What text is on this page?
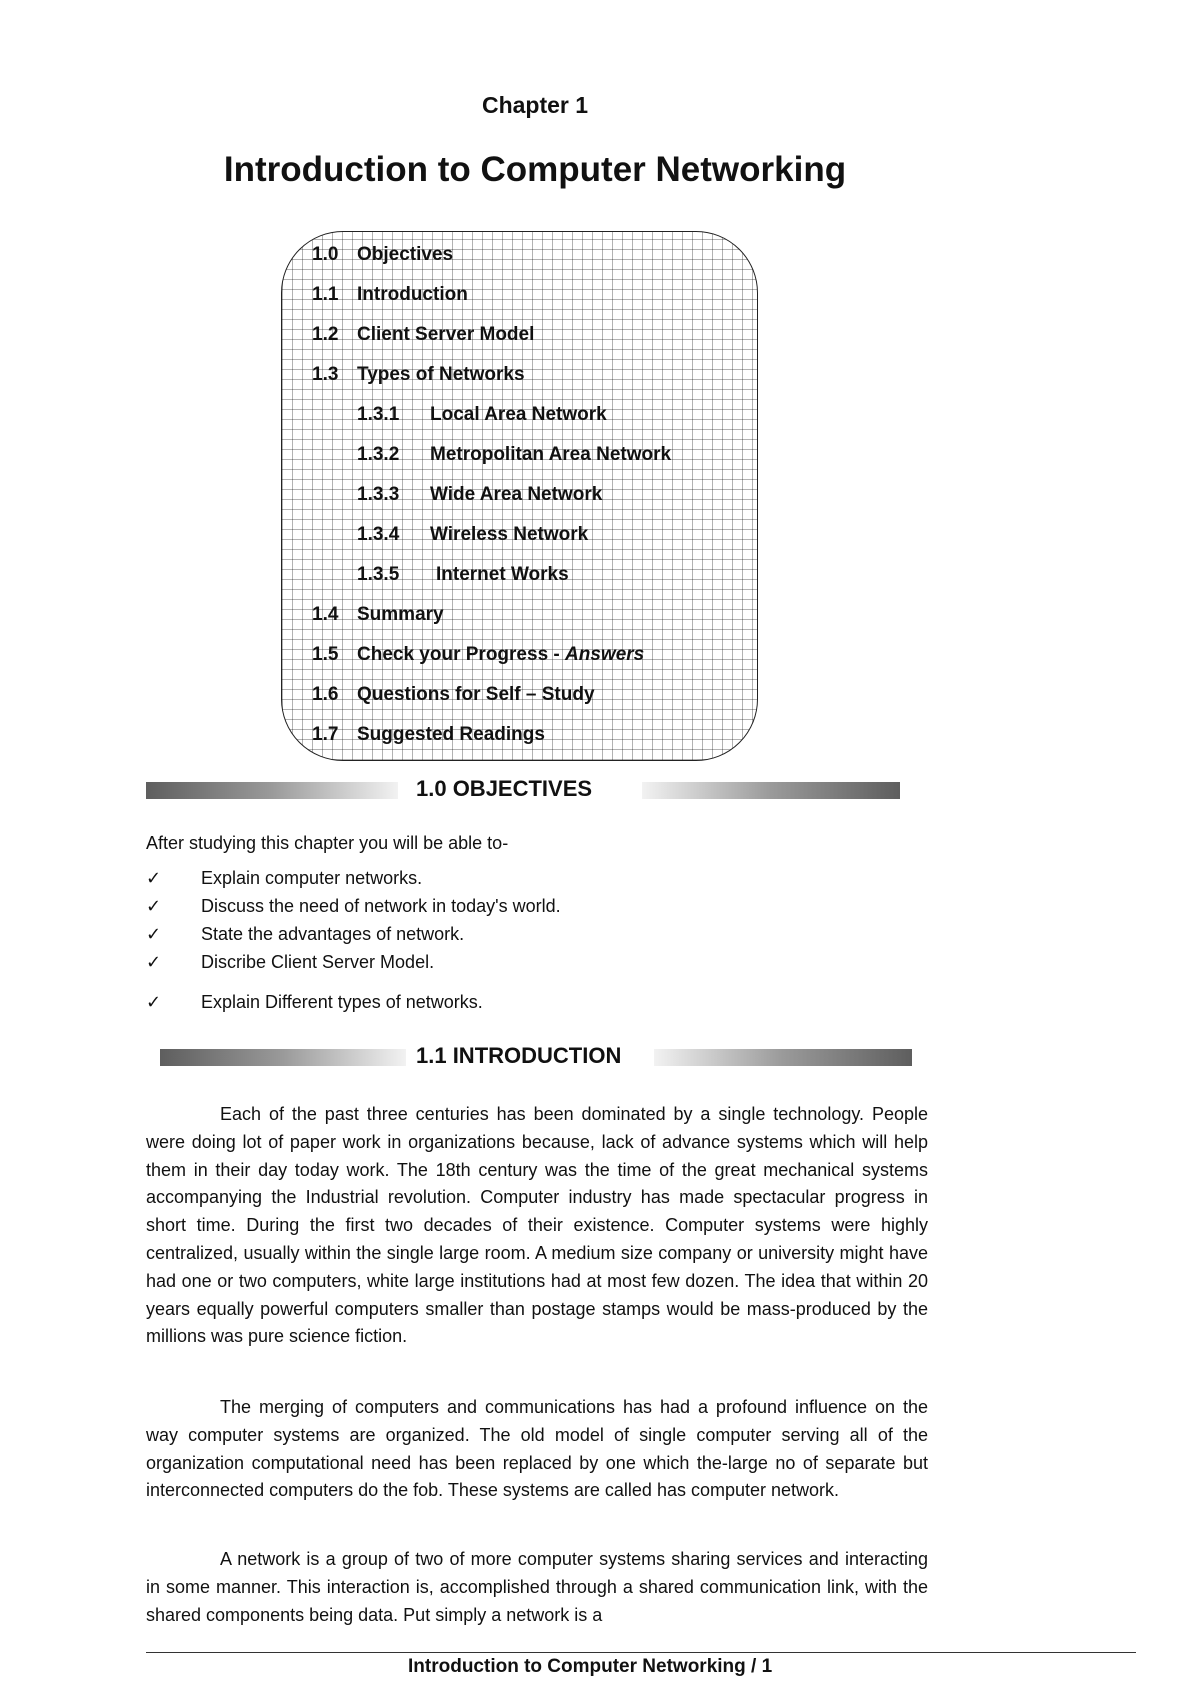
Chapter 1
Introduction to Computer Networking
1.0 Objectives
1.1 Introduction
1.2 Client Server Model
1.3 Types of Networks
1.3.1 Local Area Network
1.3.2 Metropolitan Area Network
1.3.3 Wide Area Network
1.3.4 Wireless Network
1.3.5 Internet Works
1.4 Summary
1.5 Check your Progress - Answers
1.6 Questions for Self – Study
1.7 Suggested Readings
1.0 OBJECTIVES
After studying this chapter you will be able to-
✓ Explain computer networks.
✓ Discuss the need of network in today's world.
✓ State the advantages of network.
✓ Discribe Client Server Model.
✓ Explain Different types of networks.
1.1 INTRODUCTION

Each of the past three centuries has been dominated by a single technology. People were doing lot of paper work in organizations because, lack of advance systems which will help them in their day today work. The 18th century was the time of the great mechanical systems accompanying the Industrial revolution. Computer industry has made spectacular progress in short time. During the first two decades of their existence. Computer systems were highly centralized, usually within the single large room. A medium size company or university might have had one or two computers, white large institutions had at most few dozen. The idea that within 20 years equally powerful computers smaller than postage stamps would be mass-produced by the millions was pure science fiction.

The merging of computers and communications has had a profound influence on the way computer systems are organized. The old model of single computer serving all of the organization computational need has been replaced by one which the-large no of separate but interconnected computers do the fob. These systems are called has computer network.

A network is a group of two of more computer systems sharing services and interacting in some manner. This interaction is, accomplished through a shared communication link, with the shared components being data. Put simply a network is a

Introduction to Computer Networking / 1
